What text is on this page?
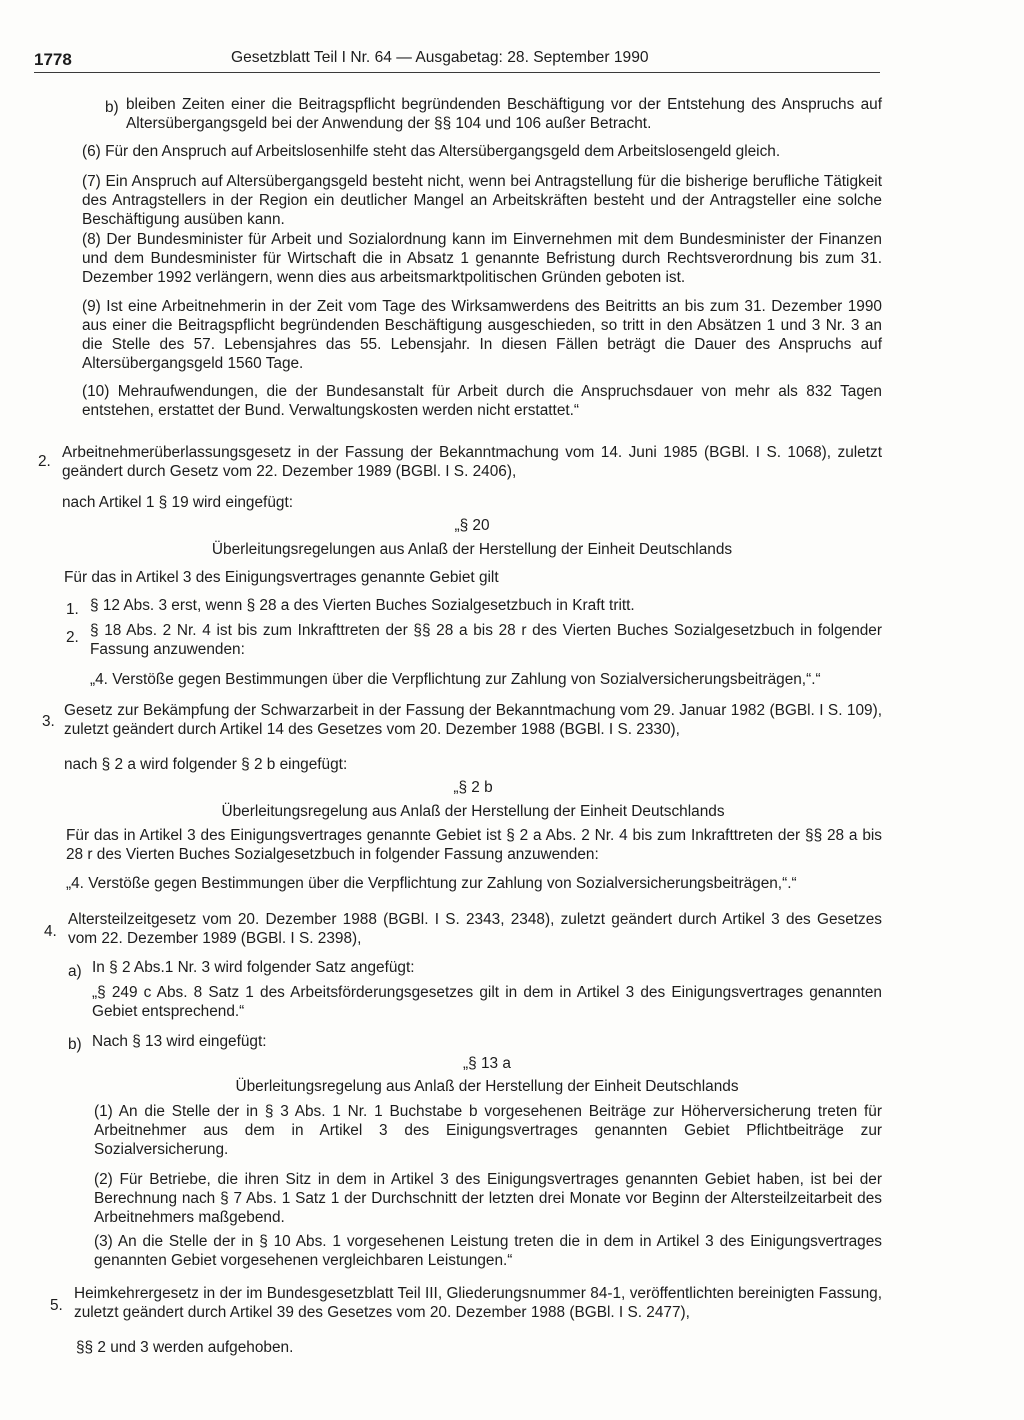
1778	Gesetzblatt Teil I Nr. 64 — Ausgabetag: 28. September 1990
b) bleiben Zeiten einer die Beitragspflicht begründenden Beschäftigung vor der Entstehung des Anspruchs auf Altersübergangsgeld bei der Anwendung der §§ 104 und 106 außer Betracht.

(6) Für den Anspruch auf Arbeitslosenhilfe steht das Altersübergangsgeld dem Arbeitslosengeld gleich.

(7) Ein Anspruch auf Altersübergangsgeld besteht nicht, wenn bei Antragstellung für die bisherige berufliche Tätigkeit des Antragstellers in der Region ein deutlicher Mangel an Arbeitskräften besteht und der Antragsteller eine solche Beschäftigung ausüben kann.

(8) Der Bundesminister für Arbeit und Sozialordnung kann im Einvernehmen mit dem Bundesminister der Finanzen und dem Bundesminister für Wirtschaft die in Absatz 1 genannte Befristung durch Rechtsverordnung bis zum 31. Dezember 1992 verlängern, wenn dies aus arbeitsmarktpolitischen Gründen geboten ist.

(9) Ist eine Arbeitnehmerin in der Zeit vom Tage des Wirksamwerdens des Beitritts an bis zum 31. Dezember 1990 aus einer die Beitragspflicht begründenden Beschäftigung ausgeschieden, so tritt in den Absätzen 1 und 3 Nr. 3 an die Stelle des 57. Lebensjahres das 55. Lebensjahr. In diesen Fällen beträgt die Dauer des Anspruchs auf Altersübergangsgeld 1560 Tage.

(10) Mehraufwendungen, die der Bundesanstalt für Arbeit durch die Anspruchsdauer von mehr als 832 Tagen entstehen, erstattet der Bund. Verwaltungskosten werden nicht erstattet.“

2.

Arbeitnehmerüberlassungsgesetz in der Fassung der Bekanntmachung vom 14. Juni 1985 (BGBl. I S. 1068), zuletzt geändert durch Gesetz vom 22. Dezember 1989 (BGBl. I S. 2406),

nach Artikel 1 § 19 wird eingefügt:

„§ 20

Überleitungsregelungen aus Anlaß der Herstellung der Einheit Deutschlands

Für das in Artikel 3 des Einigungsvertrages genannte Gebiet gilt

1. § 12 Abs. 3 erst, wenn § 28 a des Vierten Buches Sozialgesetzbuch in Kraft tritt.

2. § 18 Abs. 2 Nr. 4 ist bis zum Inkrafttreten der §§ 28 a bis 28 r des Vierten Buches Sozialgesetzbuch in folgender Fassung anzuwenden:

„4. Verstöße gegen Bestimmungen über die Verpflichtung zur Zahlung von Sozialversicherungsbeiträgen,“.“

3.

Gesetz zur Bekämpfung der Schwarzarbeit in der Fassung der Bekanntmachung vom 29. Januar 1982 (BGBl. I S. 109), zuletzt geändert durch Artikel 14 des Gesetzes vom 20. Dezember 1988 (BGBl. I S. 2330),

nach § 2 a wird folgender § 2 b eingefügt:

„§ 2 b

Überleitungsregelung aus Anlaß der Herstellung der Einheit Deutschlands

Für das in Artikel 3 des Einigungsvertrages genannte Gebiet ist § 2 a Abs. 2 Nr. 4 bis zum Inkrafttreten der §§ 28 a bis 28 r des Vierten Buches Sozialgesetzbuch in folgender Fassung anzuwenden:

„4. Verstöße gegen Bestimmungen über die Verpflichtung zur Zahlung von Sozialversicherungsbeiträgen,“.“

4.

Altersteilzeitgesetz vom 20. Dezember 1988 (BGBl. I S. 2343, 2348), zuletzt geändert durch Artikel 3 des Gesetzes vom 22. Dezember 1989 (BGBl. I S. 2398),

a) In § 2 Abs.1 Nr. 3 wird folgender Satz angefügt:

„§ 249 c Abs. 8 Satz 1 des Arbeitsförderungsgesetzes gilt in dem in Artikel 3 des Einigungsvertrages genannten Gebiet entsprechend.“

b) Nach § 13 wird eingefügt:

„§ 13 a

Überleitungsregelung aus Anlaß der Herstellung der Einheit Deutschlands

(1) An die Stelle der in § 3 Abs. 1 Nr. 1 Buchstabe b vorgesehenen Beiträge zur Höherversicherung treten für Arbeitnehmer aus dem in Artikel 3 des Einigungsvertrages genannten Gebiet Pflichtbeiträge zur Sozialversicherung.

(2) Für Betriebe, die ihren Sitz in dem in Artikel 3 des Einigungsvertrages genannten Gebiet haben, ist bei der Berechnung nach § 7 Abs. 1 Satz 1 der Durchschnitt der letzten drei Monate vor Beginn der Altersteilzeitarbeit des Arbeitnehmers maßgebend.

(3) An die Stelle der in § 10 Abs. 1 vorgesehenen Leistung treten die in dem in Artikel 3 des Einigungsvertrages genannten Gebiet vorgesehenen vergleichbaren Leistungen.“

5.

Heimkehrergesetz in der im Bundesgesetzblatt Teil III, Gliederungsnummer 84-1, veröffentlichten bereinigten Fassung, zuletzt geändert durch Artikel 39 des Gesetzes vom 20. Dezember 1988 (BGBl. I S. 2477),

§§ 2 und 3 werden aufgehoben.
